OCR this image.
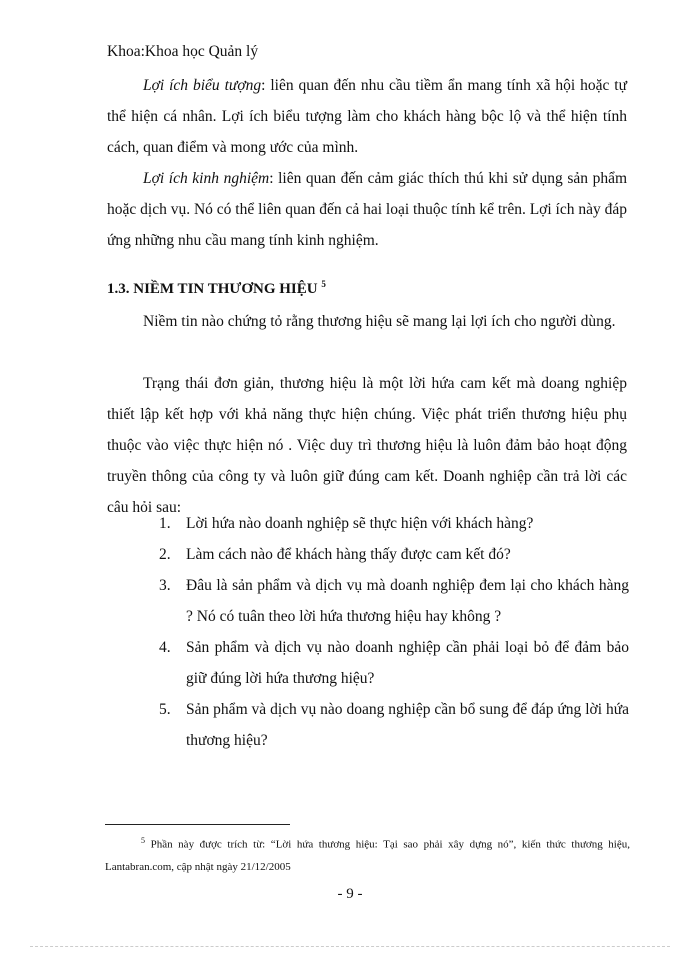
Khoa:Khoa học Quản lý

Lợi ích biểu tượng: liên quan đến nhu cầu tiềm ẩn mang tính xã hội hoặc tự thể hiện cá nhân. Lợi ích biểu tượng làm cho khách hàng bộc lộ và thể hiện tính cách, quan điểm và mong ước của mình.

Lợi ích kinh nghiệm: liên quan đến cảm giác thích thú khi sử dụng sản phẩm hoặc dịch vụ. Nó có thể liên quan đến cả hai loại thuộc tính kể trên. Lợi ích này đáp ứng những nhu cầu mang tính kinh nghiệm.

1.3. NIỀM TIN THƯƠNG HIỆU $^5$

Niềm tin nào chứng tỏ rằng thương hiệu sẽ mang lại lợi ích cho người dùng.

Trạng thái đơn giản, thương hiệu là một lời hứa cam kết mà doang nghiệp thiết lập kết hợp với khả năng thực hiện chúng. Việc phát triển thương hiệu phụ thuộc vào việc thực hiện nó . Việc duy trì thương hiệu là luôn đảm bảo hoạt động truyền thông của công ty và luôn giữ đúng cam kết. Doanh nghiệp cần trả lời các câu hỏi sau:

1. Lời hứa nào doanh nghiệp sẽ thực hiện với khách hàng?
2. Làm cách nào để khách hàng thấy được cam kết đó?
3. Đâu là sản phẩm và dịch vụ mà doanh nghiệp đem lại cho khách hàng ? Nó có tuân theo lời hứa thương hiệu hay không ?
4. Sản phẩm và dịch vụ nào doanh nghiệp cần phải loại bỏ để đảm bảo giữ đúng lời hứa thương hiệu?
5. Sản phẩm và dịch vụ nào doang nghiệp cần bổ sung để đáp ứng lời hứa thương hiệu?
$^5$ Phần này được trích từ: “Lời hứa thương hiệu: Tại sao phải xây dựng nó”, kiến thức thương hiệu, Lantabran.com, cập nhật ngày 21/12/2005
- 9 -
